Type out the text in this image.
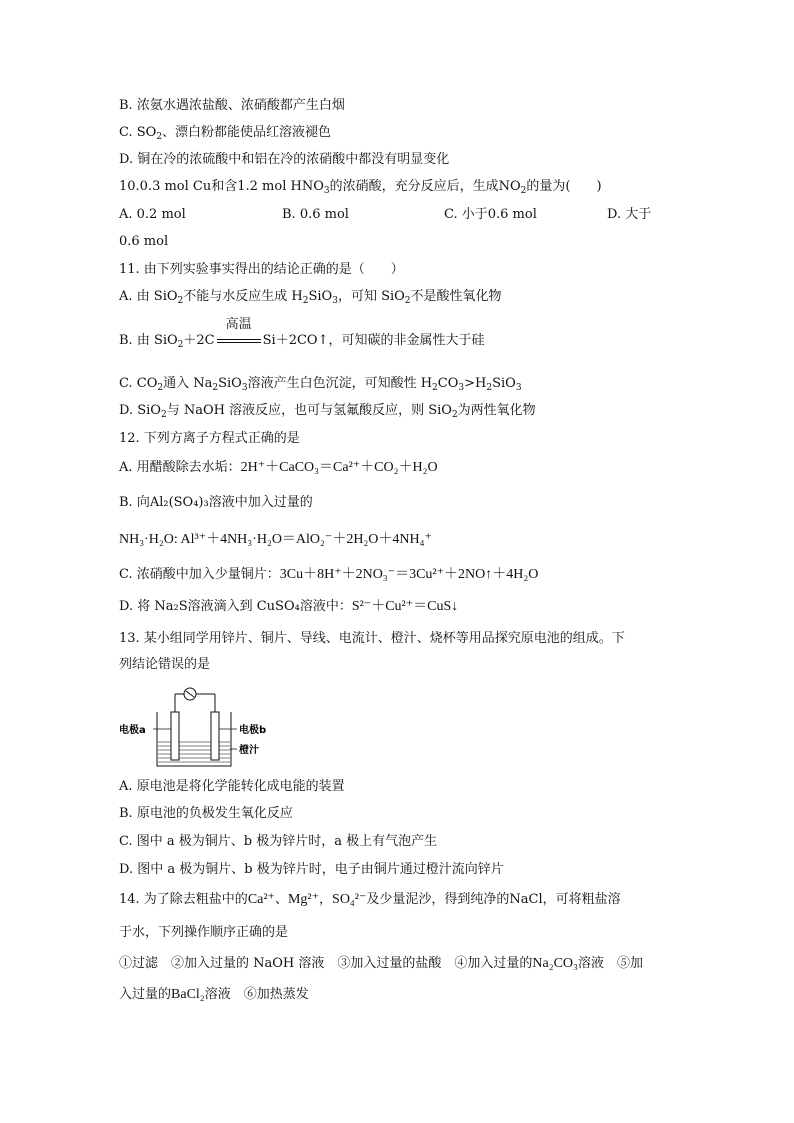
B. 浓氨水遇浓盐酸、浓硝酸都产生白烟
C. $SO_2$、漂白粉都能使品红溶液褪色
D. 铜在冷的浓硫酸中和铝在冷的浓硝酸中都没有明显变化
10.0.3 mol Cu和含1.2 mol $HNO_3$的浓硝酸，充分反应后，生成$NO_2$的量为(　　)
A. 0.2 mol	B. 0.6 mol	C. 小于0.6 mol	D. 大于
0.6 mol
11. 由下列实验事实得出的结论正确的是（　　）
A. 由 SiO$_2$不能与水反应生成 $H_2SiO_3$，可知 SiO$_2$不是酸性氧化物
B. 由 SiO$_2$＋2C
高温
Si＋2CO↑，可知碳的非金属性大于硅
C. $CO_2$通入 $Na_2SiO_3$溶液产生白色沉淀，可知酸性 $H_2CO_3>H_2SiO_3$
D. SiO$_2$与 NaOH 溶液反应，也可与氢氟酸反应，则 SiO$_2$为两性氧化物
12. 下列方离子方程式正确的是
A. 用醋酸除去水垢：2H⁺＋CaCO₃＝Ca²⁺＋CO₂＋H₂O
B. 向Al₂(SO₄)₃溶液中加入过量的
NH₃·H₂O: Al³⁺＋4NH₃·H₂O＝AlO₂⁻＋2H₂O＋4NH₄⁺
C. 浓硝酸中加入少量铜片：3Cu＋8H⁺＋2NO₃⁻＝3Cu²⁺＋2NO↑＋4H₂O
D. 将 Na₂S溶液滴入到 CuSO₄溶液中：S²⁻＋Cu²⁺＝CuS↓
13. 某小组同学用锌片、铜片、导线、电流计、橙汁、烧杯等用品探究原电池的组成。下
列结论错误的是
电极a	电极b
橙汁
A. 原电池是将化学能转化成电能的装置
B. 原电池的负极发生氧化反应
C. 图中 a 极为铜片、b 极为锌片时，a 极上有气泡产生
D. 图中 a 极为铜片、b 极为锌片时，电子由铜片通过橙汁流向锌片
14. 为了除去粗盐中的Ca²⁺、Mg²⁺，SO₄²⁻及少量泥沙，得到纯净的NaCl，可将粗盐溶
于水，下列操作顺序正确的是
①过滤　②加入过量的 NaOH 溶液　③加入过量的盐酸　④加入过量的Na₂CO₃溶液　⑤加
入过量的BaCl₂溶液　⑥加热蒸发
